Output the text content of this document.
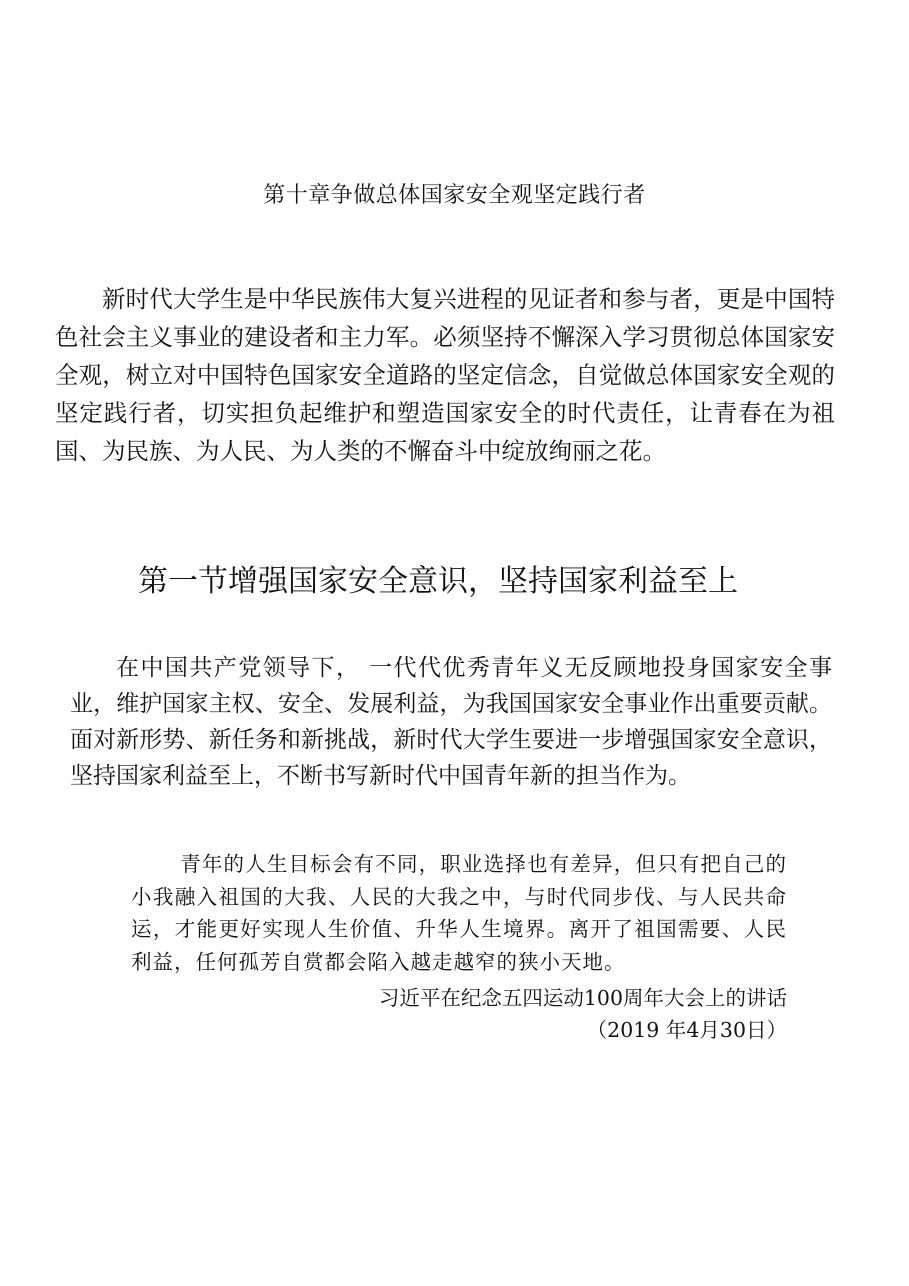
第十章争做总体国家安全观坚定践行者

新时代大学生是中华民族伟大复兴进程的见证者和参与者，更是中国特色社会主义事业的建设者和主力军。必须坚持不懈深入学习贯彻总体国家安全观，树立对中国特色国家安全道路的坚定信念，自觉做总体国家安全观的坚定践行者，切实担负起维护和塑造国家安全的时代责任，让青春在为祖国、为民族、为人民、为人类的不懈奋斗中绽放绚丽之花。

第一节增强国家安全意识，坚持国家利益至上

在中国共产党领导下， 一代代优秀青年义无反顾地投身国家安全事业，维护国家主权、安全、发展利益，为我国国家安全事业作出重要贡献。面对新形势、新任务和新挑战，新时代大学生要进一步增强国家安全意识，坚持国家利益至上，不断书写新时代中国青年新的担当作为。

青年的人生目标会有不同，职业选择也有差异，但只有把自己的小我融入祖国的大我、人民的大我之中，与时代同步伐、与人民共命运，才能更好实现人生价值、升华人生境界。离开了祖国需要、人民利益，任何孤芳自赏都会陷入越走越窄的狭小天地。

习近平在纪念五四运动100周年大会上的讲话

（2019 年4月30日）
